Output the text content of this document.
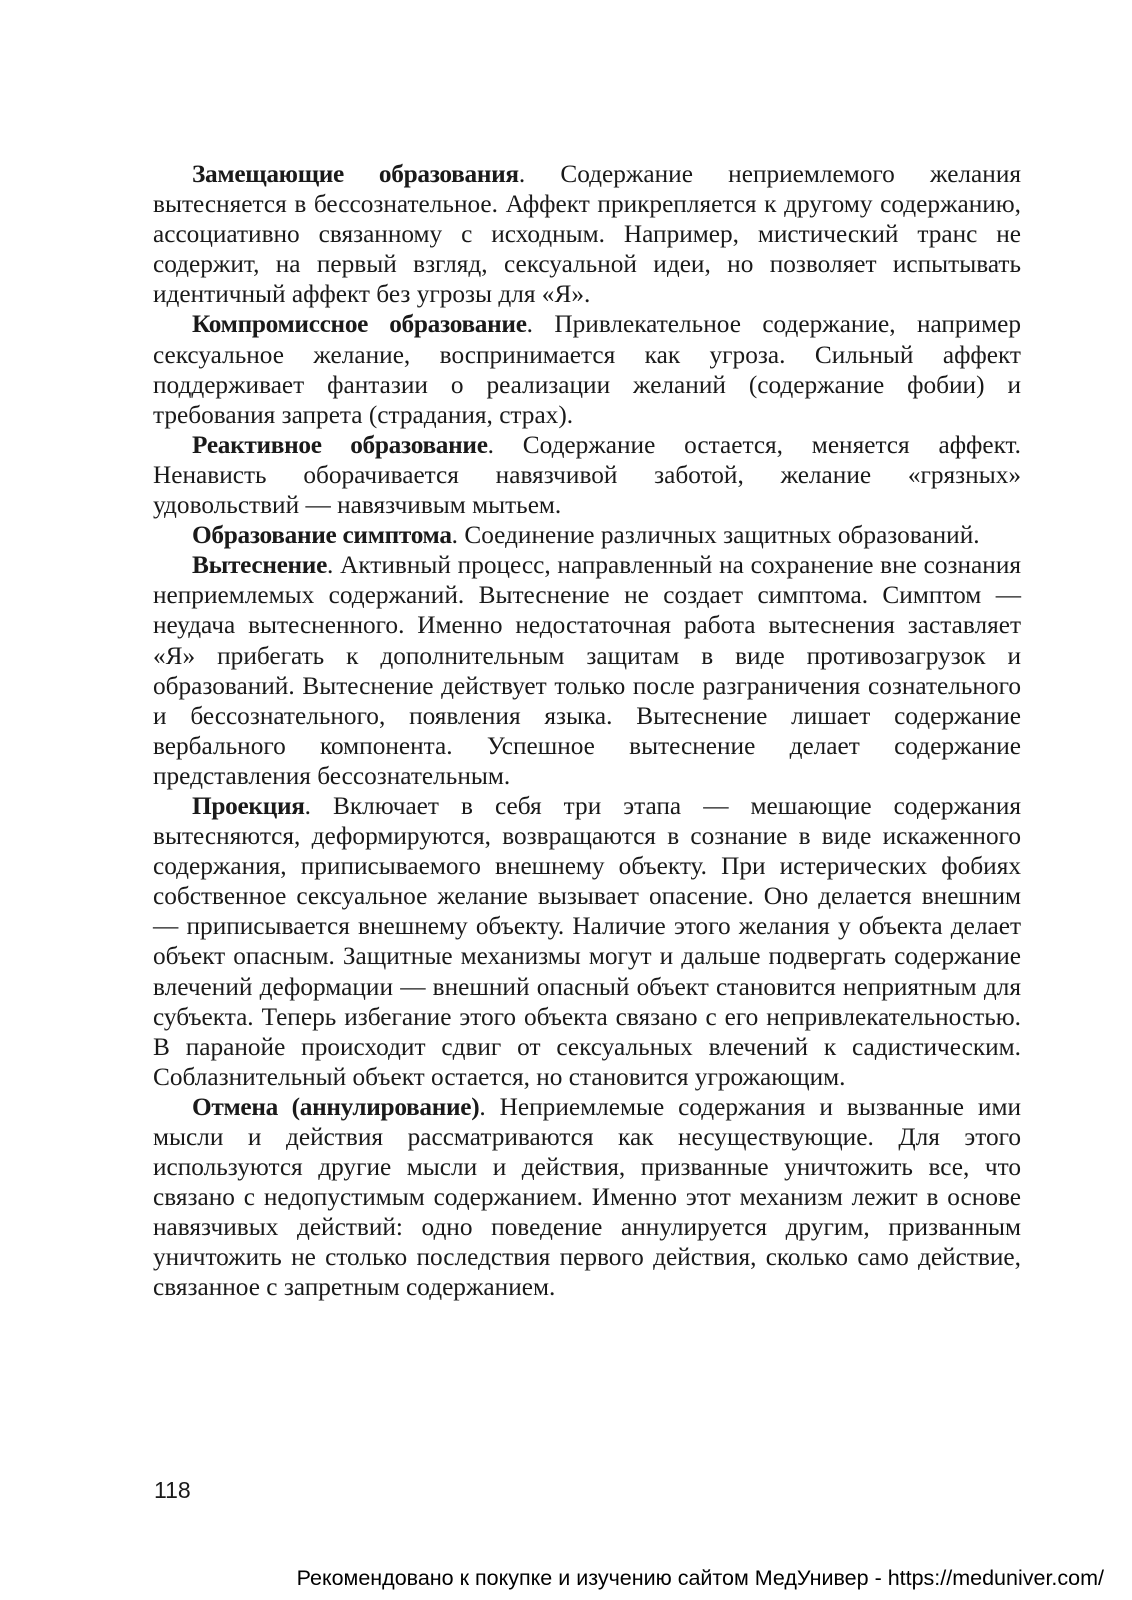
Замещающие образования. Содержание неприемлемого желания вытесняется в бессознательное. Аффект прикрепляется к другому содержанию, ассоциативно связанному с исходным. Например, мистический транс не содержит, на первый взгляд, сексуальной идеи, но позволяет испытывать идентичный аффект без угрозы для «Я».

Компромиссное образование. Привлекательное содержание, например сексуальное желание, воспринимается как угроза. Сильный аффект поддерживает фантазии о реализации желаний (содержание фобии) и требования запрета (страдания, страх).

Реактивное образование. Содержание остается, меняется аффект. Ненависть оборачивается навязчивой заботой, желание «грязных» удовольствий — навязчивым мытьем.

Образование симптома. Соединение различных защитных образований.

Вытеснение. Активный процесс, направленный на сохранение вне сознания неприемлемых содержаний. Вытеснение не создает симптома. Симптом — неудача вытесненного. Именно недостаточная работа вытеснения заставляет «Я» прибегать к дополнительным защитам в виде противозагрузок и образований. Вытеснение действует только после разграничения сознательного и бессознательного, появления языка. Вытеснение лишает содержание вербального компонента. Успешное вытеснение делает содержание представления бессознательным.

Проекция. Включает в себя три этапа — мешающие содержания вытесняются, деформируются, возвращаются в сознание в виде искаженного содержания, приписываемого внешнему объекту. При истерических фобиях собственное сексуальное желание вызывает опасение. Оно делается внешним — приписывается внешнему объекту. Наличие этого желания у объекта делает объект опасным. Защитные механизмы могут и дальше подвергать содержание влечений деформации — внешний опасный объект становится неприятным для субъекта. Теперь избегание этого объекта связано с его непривлекательностью. В паранойе происходит сдвиг от сексуальных влечений к садистическим. Соблазнительный объект остается, но становится угрожающим.

Отмена (аннулирование). Неприемлемые содержания и вызванные ими мысли и действия рассматриваются как несуществующие. Для этого используются другие мысли и действия, призванные уничтожить все, что связано с недопустимым содержанием. Именно этот механизм лежит в основе навязчивых действий: одно поведение аннулируется другим, призванным уничтожить не столько последствия первого действия, сколько само действие, связанное с запретным содержанием.

118
Рекомендовано к покупке и изучению сайтом МедУнивер - https://meduniver.com/
